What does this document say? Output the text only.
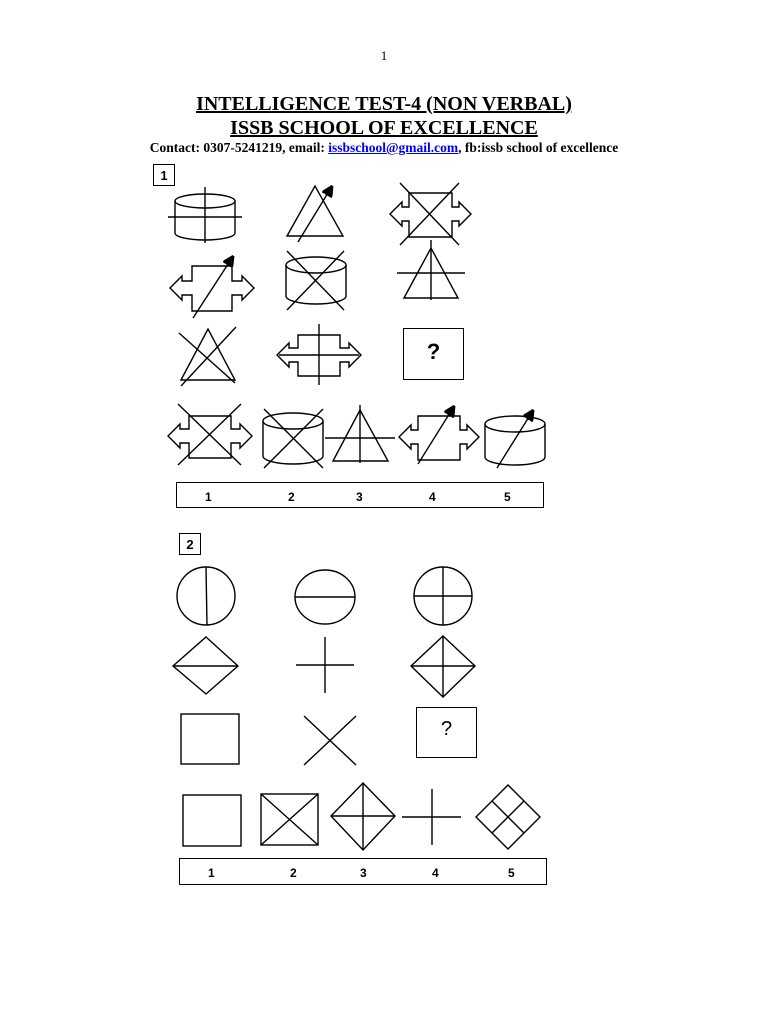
1
INTELLIGENCE TEST-4 (NON VERBAL)
ISSB SCHOOL OF EXCELLENCE
Contact: 0307-5241219, email: issbschool@gmail.com, fb:issb school of excellence
1
?
1	2	3	4	5
2
?
1	2	3	4	5
